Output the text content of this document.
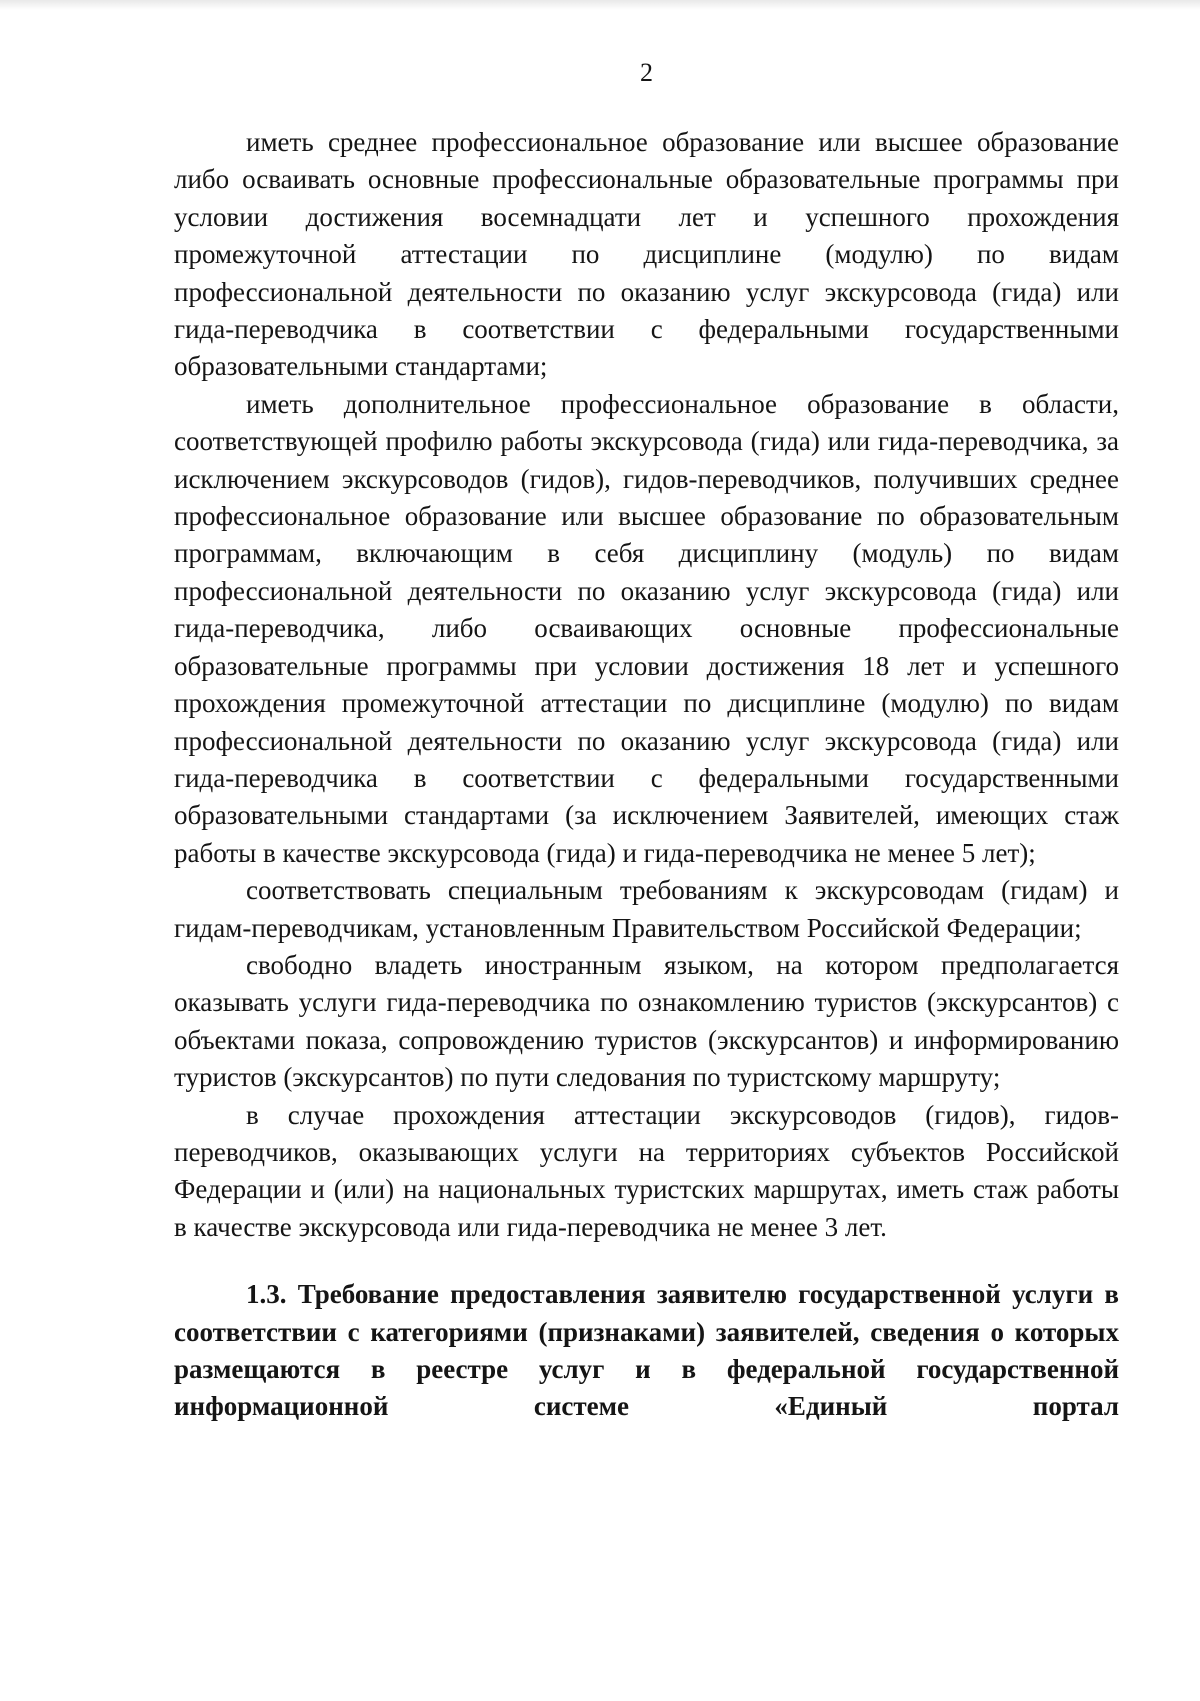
2

иметь среднее профессиональное образование или высшее образование либо осваивать основные профессиональные образовательные программы при условии достижения восемнадцати лет и успешного прохождения промежуточной аттестации по дисциплине (модулю) по видам профессиональной деятельности по оказанию услуг экскурсовода (гида) или гида-переводчика в соответствии с федеральными государственными образовательными стандартами;

иметь дополнительное профессиональное образование в области, соответствующей профилю работы экскурсовода (гида) или гида-переводчика, за исключением экскурсоводов (гидов), гидов-переводчиков, получивших среднее профессиональное образование или высшее образование по образовательным программам, включающим в себя дисциплину (модуль) по видам профессиональной деятельности по оказанию услуг экскурсовода (гида) или гида-переводчика, либо осваивающих основные профессиональные образовательные программы при условии достижения 18 лет и успешного прохождения промежуточной аттестации по дисциплине (модулю) по видам профессиональной деятельности по оказанию услуг экскурсовода (гида) или гида-переводчика в соответствии с федеральными государственными образовательными стандартами (за исключением Заявителей, имеющих стаж работы в качестве экскурсовода (гида) и гида-переводчика не менее 5 лет);

соответствовать специальным требованиям к экскурсоводам (гидам) и гидам-переводчикам, установленным Правительством Российской Федерации;

свободно владеть иностранным языком, на котором предполагается оказывать услуги гида-переводчика по ознакомлению туристов (экскурсантов) с объектами показа, сопровождению туристов (экскурсантов) и информированию туристов (экскурсантов) по пути следования по туристскому маршруту;

в случае прохождения аттестации экскурсоводов (гидов), гидов-переводчиков, оказывающих услуги на территориях субъектов Российской Федерации и (или) на национальных туристских маршрутах, иметь стаж работы в качестве экскурсовода или гида-переводчика не менее 3 лет.

1.3. Требование предоставления заявителю государственной услуги в соответствии с категориями (признаками) заявителей, сведения о которых размещаются в реестре услуг и в федеральной государственной информационной системе «Единый портал
